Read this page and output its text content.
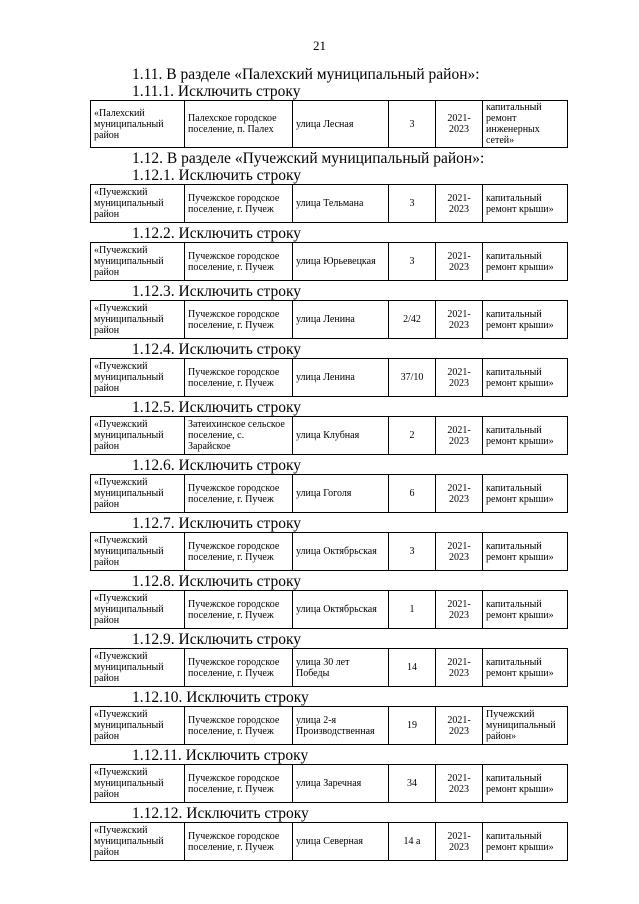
21
1.11. В разделе «Палехский муниципальный район»:
1.11.1. Исключить строку
«Палехский муниципальный район	Палехское городское поселение, п. Палех	улица Лесная	3	2021-2023	капитальный ремонт инженерных сетей»
1.12. В разделе «Пучежский муниципальный район»:
1.12.1. Исключить строку
«Пучежский муниципальный район	Пучежское городское поселение, г. Пучеж	улица Тельмана	3	2021-2023	капитальный ремонт крыши»
1.12.2. Исключить строку
«Пучежский муниципальный район	Пучежское городское поселение, г. Пучеж	улица Юрьевецкая	3	2021-2023	капитальный ремонт крыши»
1.12.3. Исключить строку
«Пучежский муниципальный район	Пучежское городское поселение, г. Пучеж	улица Ленина	2/42	2021-2023	капитальный ремонт крыши»
1.12.4. Исключить строку
«Пучежский муниципальный район	Пучежское городское поселение, г. Пучеж	улица Ленина	37/10	2021-2023	капитальный ремонт крыши»
1.12.5. Исключить строку
«Пучежский муниципальный район	Затеихинское сельское поселение, с. Зарайское	улица Клубная	2	2021-2023	капитальный ремонт крыши»
1.12.6. Исключить строку
«Пучежский муниципальный район	Пучежское городское поселение, г. Пучеж	улица Гоголя	6	2021-2023	капитальный ремонт крыши»
1.12.7. Исключить строку
«Пучежский муниципальный район	Пучежское городское поселение, г. Пучеж	улица Октябрьская	3	2021-2023	капитальный ремонт крыши»
1.12.8. Исключить строку
«Пучежский муниципальный район	Пучежское городское поселение, г. Пучеж	улица Октябрьская	1	2021-2023	капитальный ремонт крыши»
1.12.9. Исключить строку
«Пучежский муниципальный район	Пучежское городское поселение, г. Пучеж	улица 30 лет Победы	14	2021-2023	капитальный ремонт крыши»
1.12.10. Исключить строку
«Пучежский муниципальный район	Пучежское городское поселение, г. Пучеж	улица 2-я Производственная	19	2021-2023	Пучежский муниципальный район»
1.12.11. Исключить строку
«Пучежский муниципальный район	Пучежское городское поселение, г. Пучеж	улица Заречная	34	2021-2023	капитальный ремонт крыши»
1.12.12. Исключить строку
«Пучежский муниципальный район	Пучежское городское поселение, г. Пучеж	улица Северная	14 а	2021-2023	капитальный ремонт крыши»
